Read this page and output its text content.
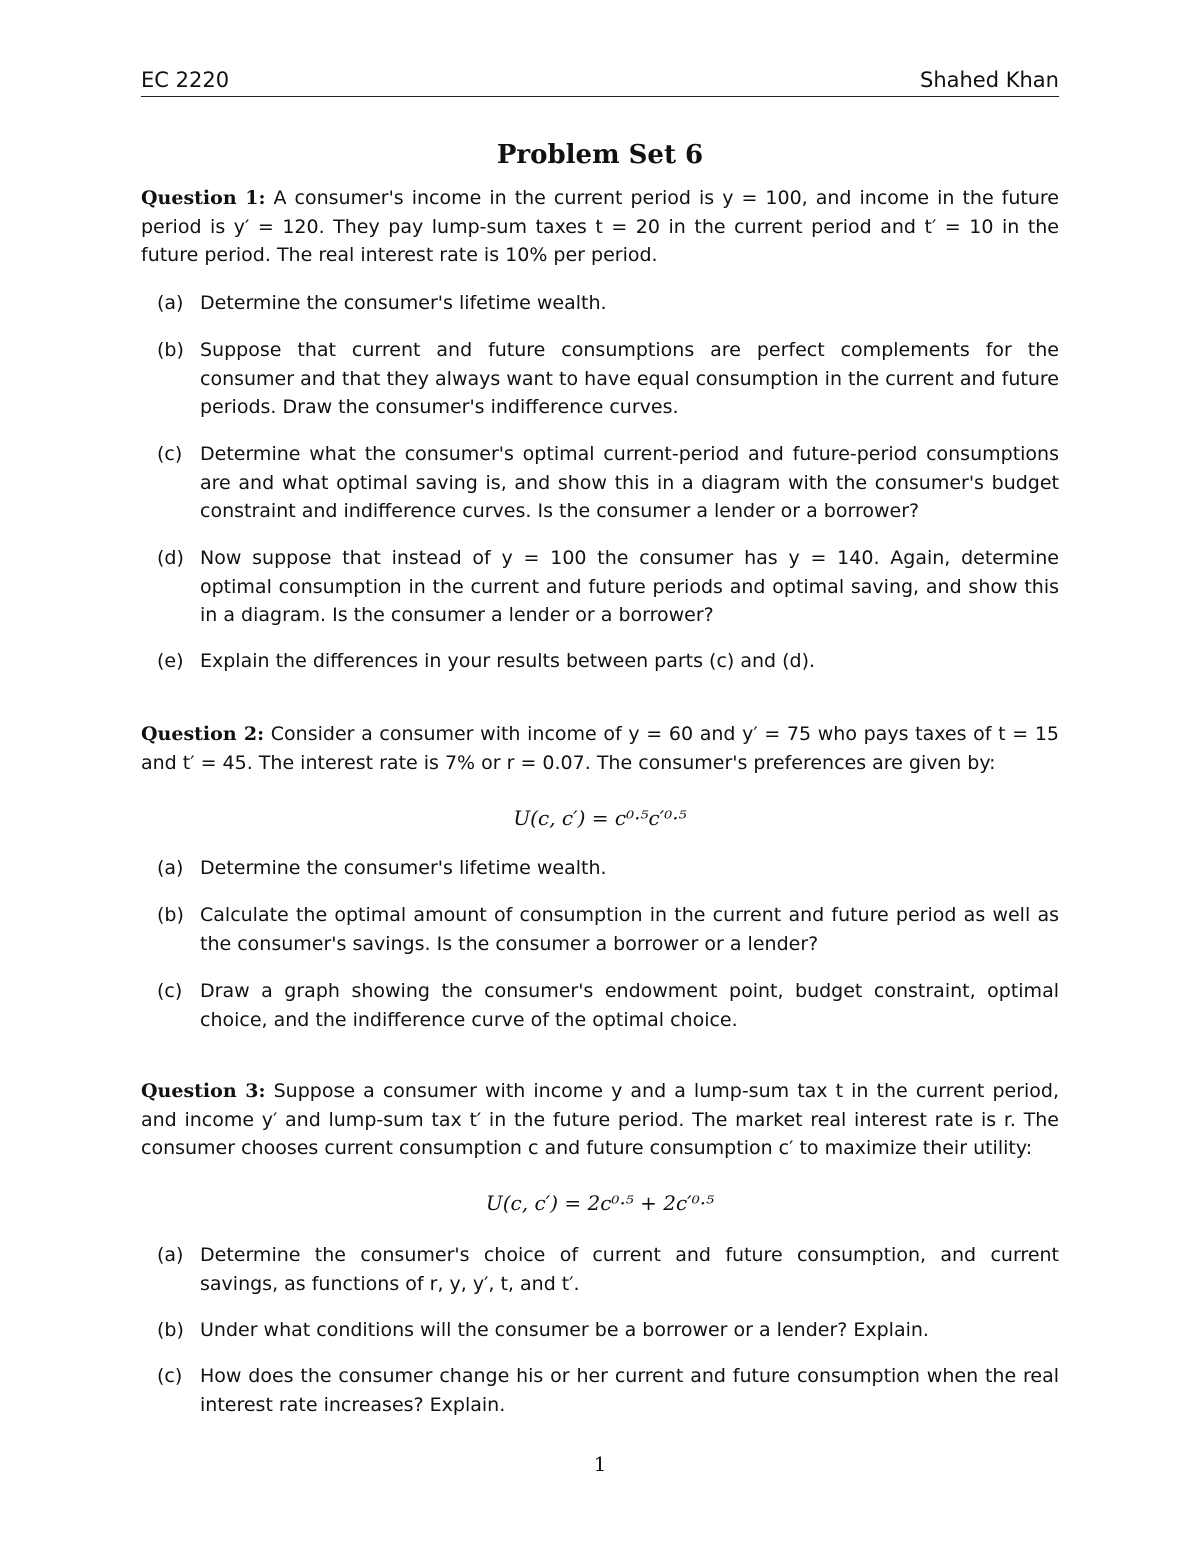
EC 2220	Shahed Khan
Problem Set 6
Question 1: A consumer's income in the current period is y = 100, and income in the future period is y′ = 120. They pay lump-sum taxes t = 20 in the current period and t′ = 10 in the future period. The real interest rate is 10% per period.
(a) Determine the consumer's lifetime wealth.
(b) Suppose that current and future consumptions are perfect complements for the consumer and that they always want to have equal consumption in the current and future periods. Draw the consumer's indifference curves.
(c) Determine what the consumer's optimal current-period and future-period consumptions are and what optimal saving is, and show this in a diagram with the consumer's budget constraint and indifference curves. Is the consumer a lender or a borrower?
(d) Now suppose that instead of y = 100 the consumer has y = 140. Again, determine optimal consumption in the current and future periods and optimal saving, and show this in a diagram. Is the consumer a lender or a borrower?
(e) Explain the differences in your results between parts (c) and (d).
Question 2: Consider a consumer with income of y = 60 and y′ = 75 who pays taxes of t = 15 and t′ = 45. The interest rate is 7% or r = 0.07. The consumer's preferences are given by:
U(c, c′) = c⁰·⁵c′⁰·⁵
(a) Determine the consumer's lifetime wealth.
(b) Calculate the optimal amount of consumption in the current and future period as well as the consumer's savings. Is the consumer a borrower or a lender?
(c) Draw a graph showing the consumer's endowment point, budget constraint, optimal choice, and the indifference curve of the optimal choice.
Question 3: Suppose a consumer with income y and a lump-sum tax t in the current period, and income y′ and lump-sum tax t′ in the future period. The market real interest rate is r. The consumer chooses current consumption c and future consumption c′ to maximize their utility:
U(c, c′) = 2c⁰·⁵ + 2c′⁰·⁵
(a) Determine the consumer's choice of current and future consumption, and current savings, as functions of r, y, y′, t, and t′.
(b) Under what conditions will the consumer be a borrower or a lender? Explain.
(c) How does the consumer change his or her current and future consumption when the real interest rate increases? Explain.
1
